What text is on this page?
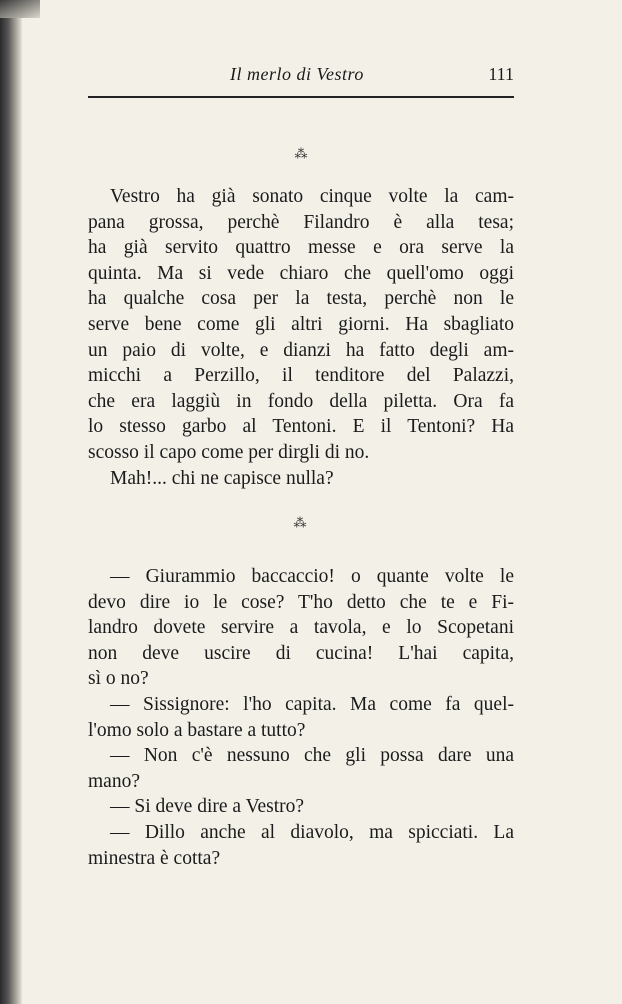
Il merlo di Vestro	111
⁂
Vestro ha già sonato cinque volte la cam-
pana grossa, perchè Filandro è alla tesa;
ha già servito quattro messe e ora serve la
quinta. Ma si vede chiaro che quell'omo oggi
ha qualche cosa per la testa, perchè non le
serve bene come gli altri giorni. Ha sbagliato
un paio di volte, e dianzi ha fatto degli am-
micchi a Perzillo, il tenditore del Palazzi,
che era laggiù in fondo della piletta. Ora fa
lo stesso garbo al Tentoni. E il Tentoni? Ha
scosso il capo come per dirgli di no.
Mah!... chi ne capisce nulla?
⁂
— Giurammio baccaccio! o quante volte le
devo dire io le cose? T'ho detto che te e Fi-
landro dovete servire a tavola, e lo Scopetani
non deve uscire di cucina! L'hai capita,
sì o no?
— Sissignore: l'ho capita. Ma come fa quel-
l'omo solo a bastare a tutto?
— Non c'è nessuno che gli possa dare una
mano?
— Si deve dire a Vestro?
— Dillo anche al diavolo, ma spicciati. La
minestra è cotta?
